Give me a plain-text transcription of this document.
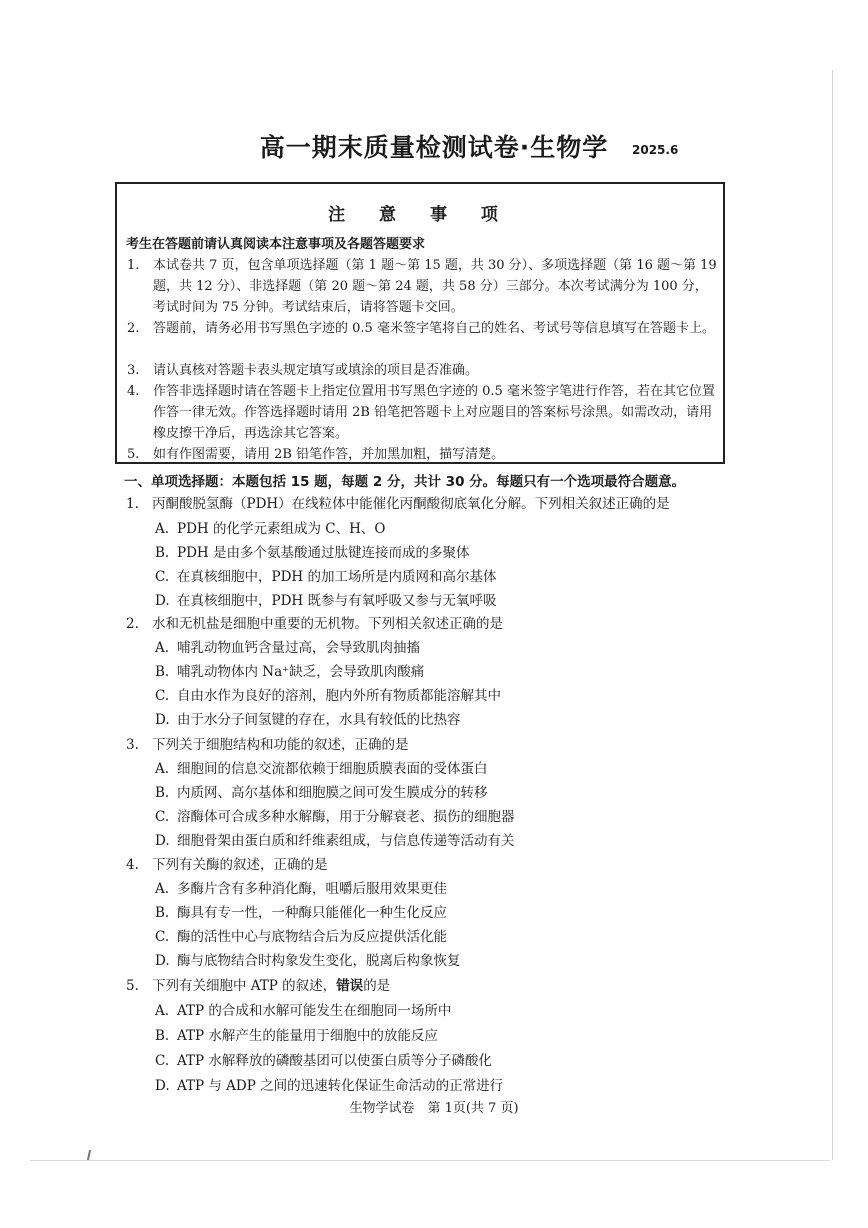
高一期末质量检测试卷·生物学	2025.6
注 意 事 项
考生在答题前请认真阅读本注意事项及各题答题要求
1. 本试卷共 7 页，包含单项选择题（第 1 题～第 15 题，共 30 分）、多项选择题（第 16 题～第 19 题，共 12 分）、非选择题（第 20 题～第 24 题，共 58 分）三部分。本次考试满分为 100 分，考试时间为 75 分钟。考试结束后，请将答题卡交回。
2. 答题前，请务必用书写黑色字迹的 0.5 毫米签字笔将自己的姓名、考试号等信息填写在答题卡上。
3. 请认真核对答题卡表头规定填写或填涂的项目是否准确。
4. 作答非选择题时请在答题卡上指定位置用书写黑色字迹的 0.5 毫米签字笔进行作答，若在其它位置作答一律无效。作答选择题时请用 2B 铅笔把答题卡上对应题目的答案标号涂黑。如需改动，请用橡皮擦干净后，再选涂其它答案。
5. 如有作图需要，请用 2B 铅笔作答，并加黑加粗，描写清楚。
一、单项选择题：本题包括 15 题，每题 2 分，共计 30 分。每题只有一个选项最符合题意。
1. 丙酮酸脱氢酶（PDH）在线粒体中能催化丙酮酸彻底氧化分解。下列相关叙述正确的是
A. PDH 的化学元素组成为 C、H、O
B. PDH 是由多个氨基酸通过肽键连接而成的多聚体
C. 在真核细胞中，PDH 的加工场所是内质网和高尔基体
D. 在真核细胞中，PDH 既参与有氧呼吸又参与无氧呼吸
2. 水和无机盐是细胞中重要的无机物。下列相关叙述正确的是
A. 哺乳动物血钙含量过高，会导致肌肉抽搐
B. 哺乳动物体内 Na⁺缺乏，会导致肌肉酸痛
C. 自由水作为良好的溶剂，胞内外所有物质都能溶解其中
D. 由于水分子间氢键的存在，水具有较低的比热容
3. 下列关于细胞结构和功能的叙述，正确的是
A. 细胞间的信息交流都依赖于细胞质膜表面的受体蛋白
B. 内质网、高尔基体和细胞膜之间可发生膜成分的转移
C. 溶酶体可合成多种水解酶，用于分解衰老、损伤的细胞器
D. 细胞骨架由蛋白质和纤维素组成，与信息传递等活动有关
4. 下列有关酶的叙述，正确的是
A. 多酶片含有多种消化酶，咀嚼后服用效果更佳
B. 酶具有专一性，一种酶只能催化一种生化反应
C. 酶的活性中心与底物结合后为反应提供活化能
D. 酶与底物结合时构象发生变化，脱离后构象恢复
5. 下列有关细胞中 ATP 的叙述，错误的是
A. ATP 的合成和水解可能发生在细胞同一场所中
B. ATP 水解产生的能量用于细胞中的放能反应
C. ATP 水解释放的磷酸基团可以使蛋白质等分子磷酸化
D. ATP 与 ADP 之间的迅速转化保证生命活动的正常进行
生物学试卷　第 1页(共 7 页)
